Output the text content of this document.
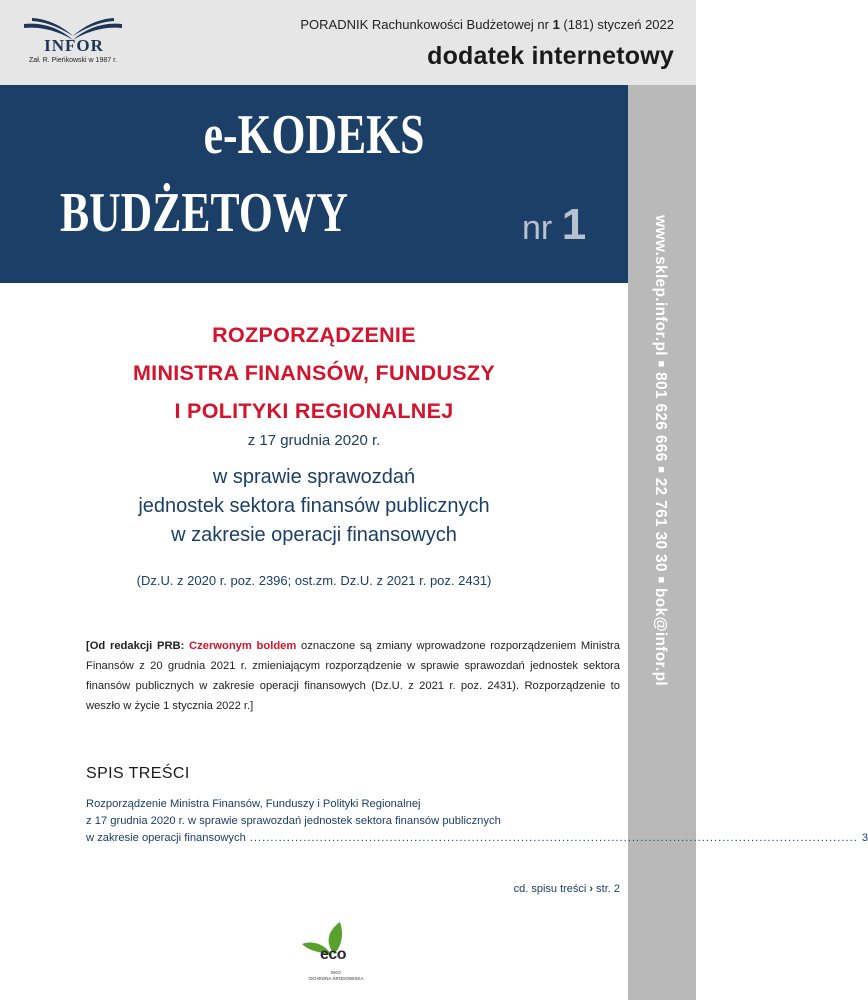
INFOR
Zał. R. Pieńkowski w 1987 r.
PORADNIK Rachunkowości Budżetowej nr 1 (181) styczeń 2022
dodatek internetowy
e-KODEKS
BUDŻETOWY	nr 1	www.sklep.infor.pl ■ 801 626 666 ■ 22 761 30 30 ■ bok@infor.pl
ROZPORZĄDZENIE
MINISTRA FINANSÓW, FUNDUSZY
I POLITYKI REGIONALNEJ
z 17 grudnia 2020 r.
w sprawie sprawozdań
jednostek sektora finansów publicznych
w zakresie operacji finansowych
(Dz.U. z 2020 r. poz. 2396; ost.zm. Dz.U. z 2021 r. poz. 2431)
[Od redakcji PRB: Czerwonym boldem oznaczone są zmiany wprowadzone rozporządzeniem Ministra Finansów z 20 grudnia 2021 r. zmieniającym rozporządzenie w sprawie sprawozdań jednostek sektora finansów publicznych w zakresie operacji finansowych (Dz.U. z 2021 r. poz. 2431). Rozporządzenie to weszło w życie 1 stycznia 2022 r.]
SPIS TREŚCI
Rozporządzenie Ministra Finansów, Funduszy i Polityki Regionalnej
z 17 grudnia 2020 r. w sprawie sprawozdań jednostek sektora finansów publicznych
w zakresie operacji finansowych .................................................................................................................................................... 3
cd. spisu treści › str. 2
eco
EKO
OCHRONA ŚRODOWISKA
